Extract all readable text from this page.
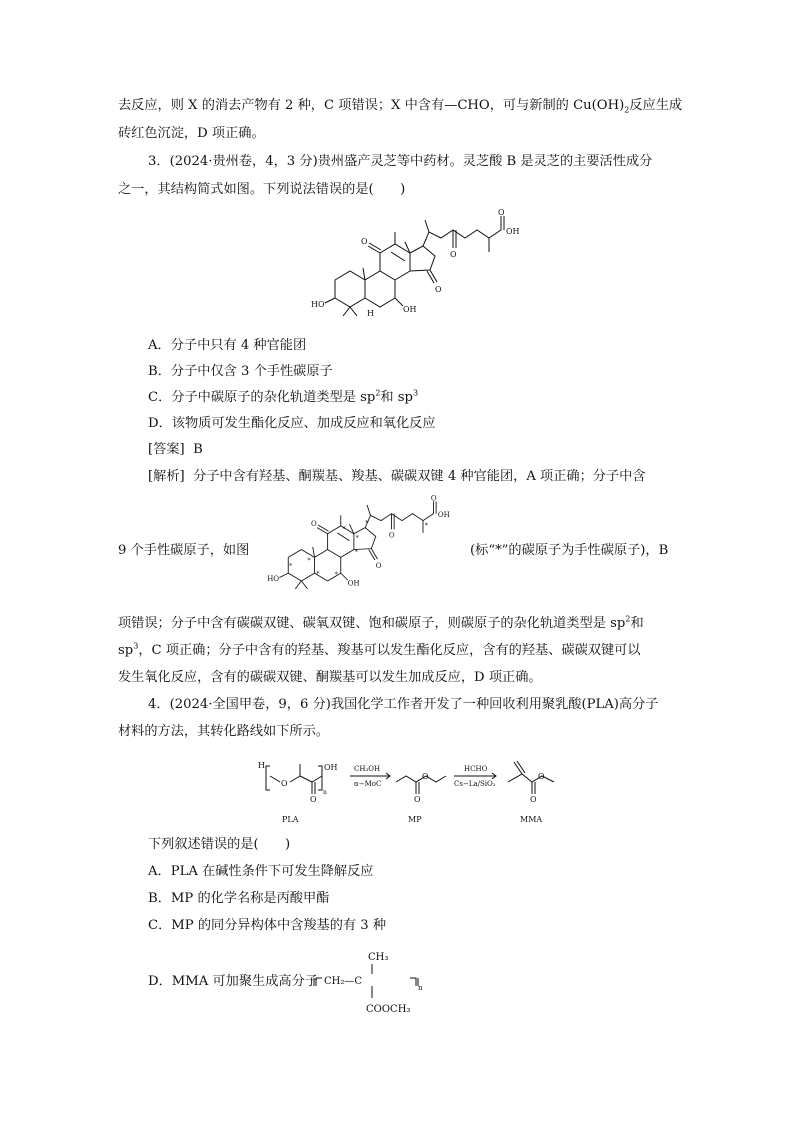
去反应，则 X 的消去产物有 2 种，C 项错误；X 中含有—CHO，可与新制的 $Cu(OH)_2$反应生成
砖红色沉淀，D 项正确。
3．(2024·贵州卷，4，3 分)贵州盛产灵芝等中药材。灵芝酸 B 是灵芝的主要活性成分
之一，其结构简式如图。下列说法错误的是(　　)
O
OH
O
O
O
HO
OH
H
A．分子中只有 4 种官能团
B．分子中仅含 3 个手性碳原子
C．分子中碳原子的杂化轨道类型是 $sp^2$和 $sp^3$
D．该物质可发生酯化反应、加成反应和氧化反应
[答案] B
[解析] 分子中含有羟基、酮羰基、羧基、碳碳双键 4 种官能团，A 项正确；分子中含
9 个手性碳原子，如图
O
OH
O
O
O
HO
OH
*
*
* *
*
*
*
*	*
(标“*”的碳原子为手性碳原子)，B
项错误；分子中含有碳碳双键、碳氧双键、饱和碳原子，则碳原子的杂化轨道类型是 $sp^2$和
$sp^3$，C 项正确；分子中含有的羟基、羧基可以发生酯化反应，含有的羟基、碳碳双键可以
发生氧化反应，含有的碳碳双键、酮羰基可以发生加成反应，D 项正确。
4．(2024·全国甲卷，9，6 分)我国化学工作者开发了一种回收利用聚乳酸(PLA)高分子
材料的方法，其转化路线如下所示。
H
O
O
OH
n
CH₃OH
α−MoC
O
O
HCHO
Cs−La/SiO₂
O
O
PLA	MP	MMA
下列叙述错误的是(　　)
A．PLA 在碱性条件下可发生降解反应
B．MP 的化学名称是丙酸甲酯
C．MP 的同分异构体中含羧基的有 3 种
D．MMA 可加聚生成高分子
CH₃
CH₂—C
n
COOCH₃
